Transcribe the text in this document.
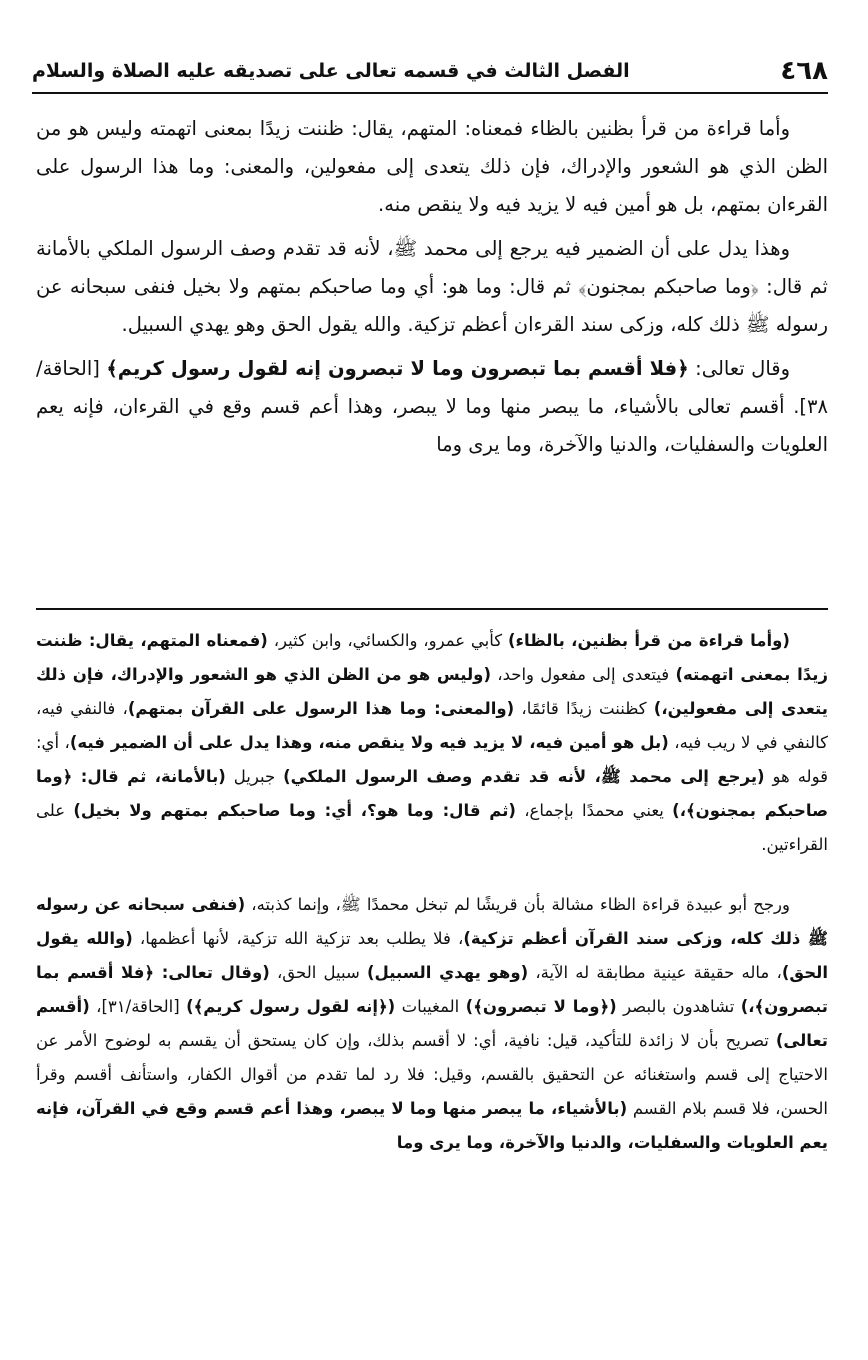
٤٦٨
الفصل الثالث في قسمه تعالى على تصديقه عليه الصلاة والسلام

وأما قراءة من قرأ بظنين بالظاء فمعناه: المتهم، يقال: ظننت زيدًا بمعنى اتهمته وليس هو من الظن الذي هو الشعور والإدراك، فإن ذلك يتعدى إلى مفعولين، والمعنى: وما هذا الرسول على القرءان بمتهم، بل هو أمين فيه لا يزيد فيه ولا ينقص منه.

وهذا يدل على أن الضمير فيه يرجع إلى محمد ﷺ، لأنه قد تقدم وصف الرسول الملكي بالأمانة ثم قال: ﴿وما صاحبكم بمجنون﴾ ثم قال: وما هو: أي وما صاحبكم بمتهم ولا بخيل فنفى سبحانه عن رسوله ﷺ ذلك كله، وزكى سند القرءان أعظم تزكية. والله يقول الحق وهو يهدي السبيل.

وقال تعالى: ﴿فلا أقسم بما تبصرون وما لا تبصرون إنه لقول رسول كريم﴾ [الحاقة/٣٨]. أقسم تعالى بالأشياء، ما يبصر منها وما لا يبصر، وهذا أعم قسم وقع في القرءان، فإنه يعم العلويات والسفليات، والدنيا والآخرة، وما يرى وما

(وأما قراءة من قرأ بظنين، بالظاء) كأبي عمرو، والكسائي، وابن كثير، (فمعناه المتهم، يقال: ظننت زيدًا بمعنى اتهمته) فيتعدى إلى مفعول واحد، (وليس هو من الظن الذي هو الشعور والإدراك، فإن ذلك يتعدى إلى مفعولين،) كظننت زيدًا قائمًا، (والمعنى: وما هذا الرسول على القرآن بمتهم)، فالنفي فيه، كالنفي في لا ريب فيه، (بل هو أمين فيه، لا يزيد فيه ولا ينقص منه، وهذا يدل على أن الضمير فيه)، أي: قوله هو (يرجع إلى محمد ﷺ، لأنه قد تقدم وصف الرسول الملكي) جبريل (بالأمانة، ثم قال: ﴿وما صاحبكم بمجنون﴾،) يعني محمدًا بإجماع، (ثم قال: وما هو؟، أي: وما صاحبكم بمتهم ولا بخيل) على القراءتين.

ورجح أبو عبيدة قراءة الظاء مشالة بأن قريشًا لم تبخل محمدًا ﷺ، وإنما كذبته، (فنفى سبحانه عن رسوله ﷺ ذلك كله، وزكى سند القرآن أعظم تزكية)، فلا يطلب بعد تزكية الله تزكية، لأنها أعظمها، (والله يقول الحق)، ماله حقيقة عينية مطابقة له الآية، (وهو يهدي السبيل) سبيل الحق، (وقال تعالى: ﴿فلا أقسم بما تبصرون﴾،) تشاهدون بالبصر (﴿وما لا تبصرون﴾) المغيبات (﴿إنه لقول رسول كريم﴾) [الحاقة/٣١]، (أقسم تعالى) تصريح بأن لا زائدة للتأكيد، قيل: نافية، أي: لا أقسم بذلك، وإن كان يستحق أن يقسم به لوضوح الأمر عن الاحتياج إلى قسم واستغنائه عن التحقيق بالقسم، وقيل: فلا رد لما تقدم من أقوال الكفار، واستأنف أقسم وقرأ الحسن، فلا قسم بلام القسم (بالأشياء، ما يبصر منها وما لا يبصر، وهذا أعم قسم وقع في القرآن، فإنه يعم العلويات والسفليات، والدنيا والآخرة، وما يرى وما
